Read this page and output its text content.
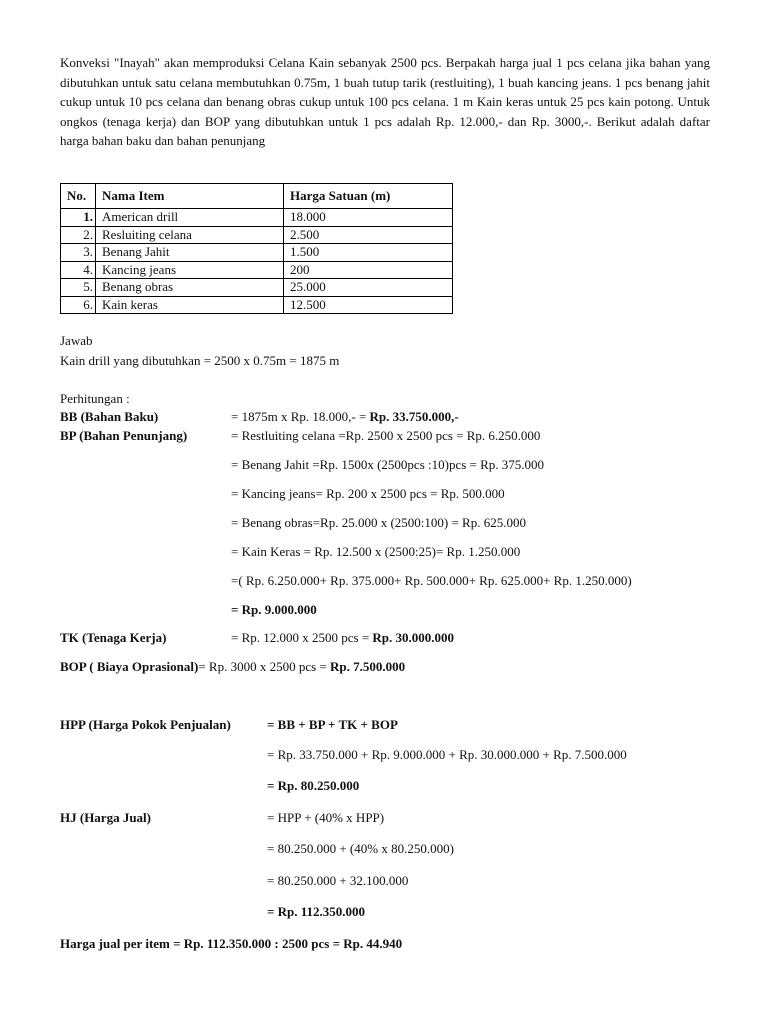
Konveksi "Inayah" akan memproduksi Celana Kain sebanyak 2500 pcs. Berpakah harga jual 1 pcs celana jika bahan yang dibutuhkan untuk satu celana membutuhkan 0.75m, 1 buah tutup tarik (restluiting), 1 buah kancing jeans. 1 pcs benang jahit cukup untuk 10 pcs celana dan benang obras cukup untuk 100 pcs celana. 1 m Kain keras untuk 25 pcs kain potong. Untuk ongkos (tenaga kerja) dan BOP yang dibutuhkan untuk 1 pcs adalah Rp. 12.000,- dan Rp. 3000,-. Berikut adalah daftar harga bahan baku dan bahan penunjang

No.	Nama Item	Harga Satuan (m)
1.	American drill	18.000
2.	Resluiting celana	2.500
3.	Benang Jahit	1.500
4.	Kancing jeans	200
5.	Benang obras	25.000
6.	Kain keras	12.500
Jawab
Kain drill yang dibutuhkan = 2500 x 0.75m = 1875 m
Perhitungan :
BB (Bahan Baku)	= 1875m x Rp. 18.000,- = Rp. 33.750.000,-
BP (Bahan Penunjang)	= Restluiting celana =Rp. 2500 x 2500 pcs = Rp. 6.250.000
= Benang Jahit =Rp. 1500x (2500pcs :10)pcs = Rp. 375.000
= Kancing jeans= Rp. 200 x 2500 pcs = Rp. 500.000
= Benang obras=Rp. 25.000 x (2500:100) = Rp. 625.000
= Kain Keras = Rp. 12.500 x (2500:25)= Rp. 1.250.000
=( Rp. 6.250.000+ Rp. 375.000+ Rp. 500.000+ Rp. 625.000+ Rp. 1.250.000)
= Rp. 9.000.000
TK (Tenaga Kerja)	= Rp. 12.000 x 2500 pcs = Rp. 30.000.000
BOP ( Biaya Oprasional)= Rp. 3000 x 2500 pcs = Rp. 7.500.000
HPP (Harga Pokok Penjualan)	= BB + BP + TK + BOP
= Rp. 33.750.000 + Rp. 9.000.000 + Rp. 30.000.000 + Rp. 7.500.000
= Rp. 80.250.000
HJ (Harga Jual)	= HPP + (40% x HPP)
= 80.250.000 + (40% x 80.250.000)
= 80.250.000 + 32.100.000
= Rp. 112.350.000
Harga jual per item = Rp. 112.350.000 : 2500 pcs = Rp. 44.940
